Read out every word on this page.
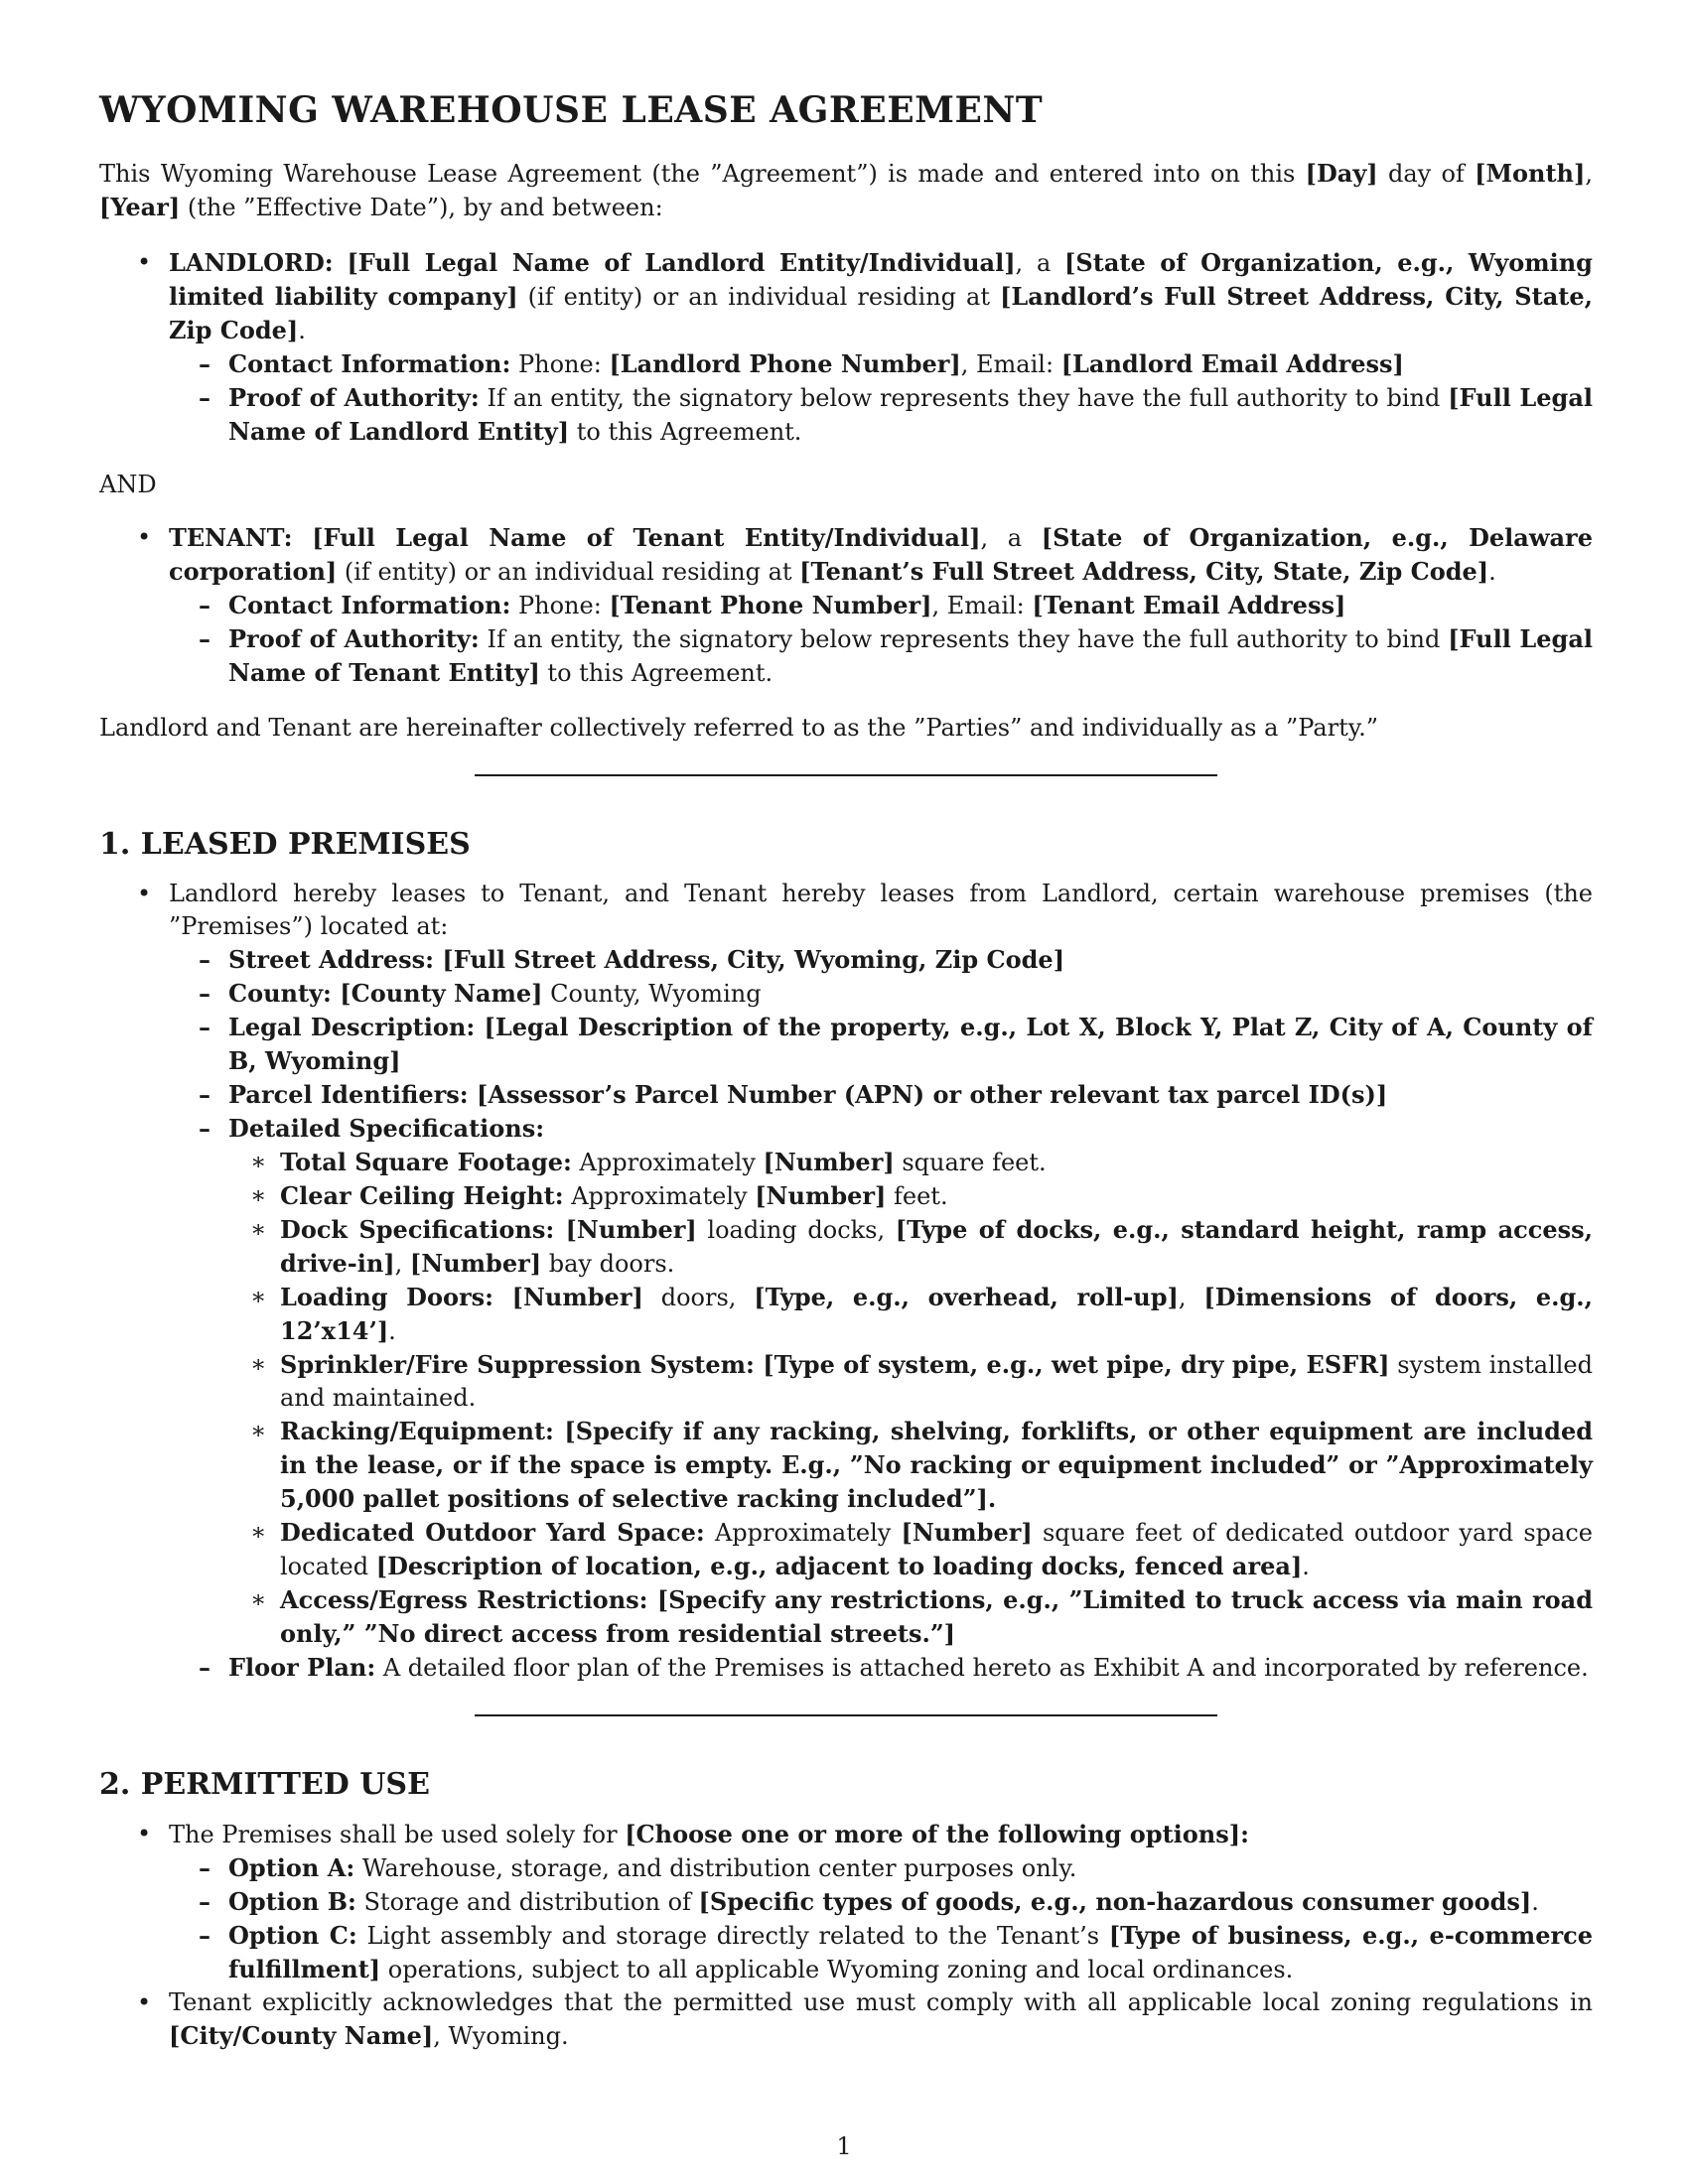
WYOMING WAREHOUSE LEASE AGREEMENT

This Wyoming Warehouse Lease Agreement (the ”Agreement”) is made and entered into on this [Day] day of [Month], [Year] (the ”Effective Date”), by and between:

• LANDLORD: [Full Legal Name of Landlord Entity/Individual], a [State of Organization, e.g., Wyoming limited liability company] (if entity) or an individual residing at [Landlord’s Full Street Address, City, State, Zip Code].
– Contact Information: Phone: [Landlord Phone Number], Email: [Landlord Email Address]
– Proof of Authority: If an entity, the signatory below represents they have the full authority to bind [Full Legal Name of Landlord Entity] to this Agreement.
AND
• TENANT: [Full Legal Name of Tenant Entity/Individual], a [State of Organization, e.g., Delaware corporation] (if entity) or an individual residing at [Tenant’s Full Street Address, City, State, Zip Code].
– Contact Information: Phone: [Tenant Phone Number], Email: [Tenant Email Address]
– Proof of Authority: If an entity, the signatory below represents they have the full authority to bind [Full Legal Name of Tenant Entity] to this Agreement.

Landlord and Tenant are hereinafter collectively referred to as the ”Parties” and individually as a ”Party.”

1. LEASED PREMISES
• Landlord hereby leases to Tenant, and Tenant hereby leases from Landlord, certain warehouse premises (the ”Premises”) located at:
– Street Address: [Full Street Address, City, Wyoming, Zip Code]
– County: [County Name] County, Wyoming
– Legal Description: [Legal Description of the property, e.g., Lot X, Block Y, Plat Z, City of A, County of B, Wyoming]
– Parcel Identifiers: [Assessor’s Parcel Number (APN) or other relevant tax parcel ID(s)]
– Detailed Specifications:
∗ Total Square Footage: Approximately [Number] square feet.
∗ Clear Ceiling Height: Approximately [Number] feet.
∗ Dock Specifications: [Number] loading docks, [Type of docks, e.g., standard height, ramp access, drive-in], [Number] bay doors.
∗ Loading Doors: [Number] doors, [Type, e.g., overhead, roll-up], [Dimensions of doors, e.g., 12’x14’].
∗ Sprinkler/Fire Suppression System: [Type of system, e.g., wet pipe, dry pipe, ESFR] system installed and maintained.
∗ Racking/Equipment: [Specify if any racking, shelving, forklifts, or other equipment are included in the lease, or if the space is empty. E.g., ”No racking or equipment included” or ”Approximately 5,000 pallet positions of selective racking included”].
∗ Dedicated Outdoor Yard Space: Approximately [Number] square feet of dedicated outdoor yard space located [Description of location, e.g., adjacent to loading docks, fenced area].
∗ Access/Egress Restrictions: [Specify any restrictions, e.g., ”Limited to truck access via main road only,” ”No direct access from residential streets.”]
– Floor Plan: A detailed floor plan of the Premises is attached hereto as Exhibit A and incorporated by reference.
2. PERMITTED USE
• The Premises shall be used solely for [Choose one or more of the following options]:
– Option A: Warehouse, storage, and distribution center purposes only.
– Option B: Storage and distribution of [Specific types of goods, e.g., non-hazardous consumer goods].
– Option C: Light assembly and storage directly related to the Tenant’s [Type of business, e.g., e-commerce fulfillment] operations, subject to all applicable Wyoming zoning and local ordinances.
• Tenant explicitly acknowledges that the permitted use must comply with all applicable local zoning regulations in [City/County Name], Wyoming.
1
